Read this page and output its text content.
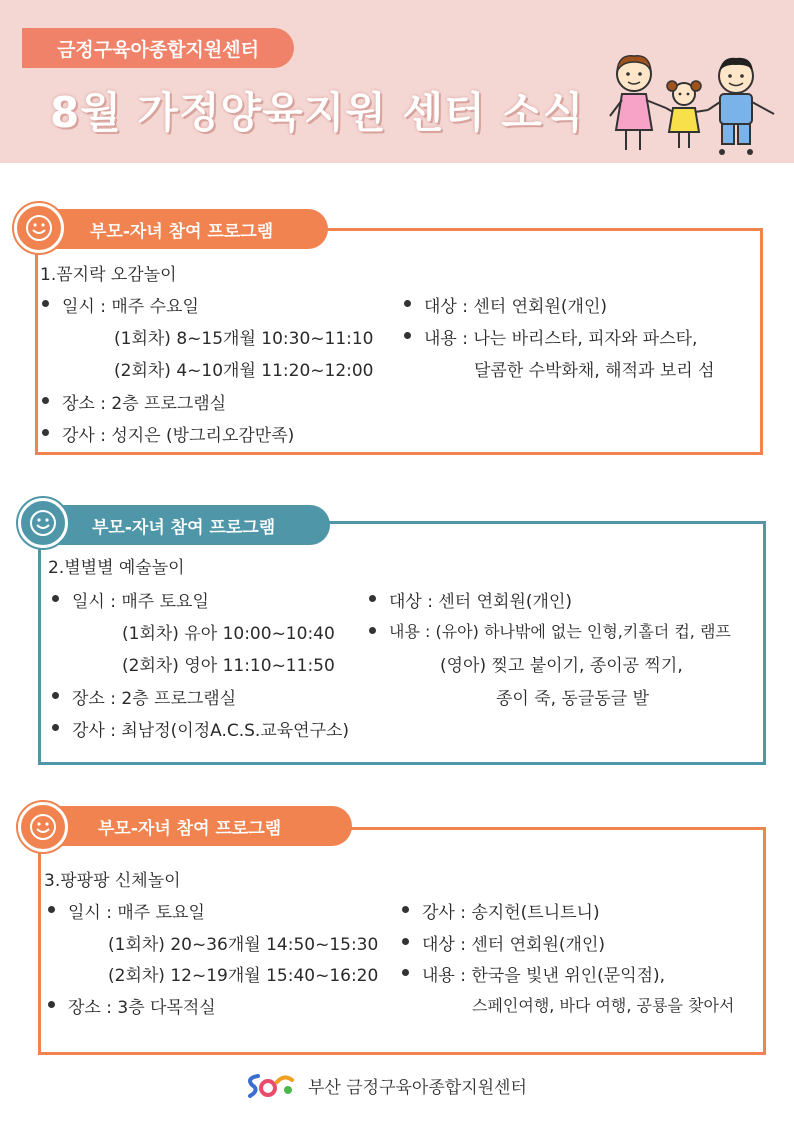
금정구육아종합지원센터
8월 가정양육지원 센터 소식
부모-자녀 참여 프로그램
1.꼼지락 오감놀이
일시 : 매주 수요일
(1회차) 8~15개월 10:30~11:10
(2회차) 4~10개월 11:20~12:00
장소 : 2층 프로그램실
강사 : 성지은 (방그리오감만족)
대상 : 센터 연회원(개인)
내용 : 나는 바리스타, 피자와 파스타,
달콤한 수박화채, 해적과 보리 섬
부모-자녀 참여 프로그램
2.별별별 예술놀이
일시 : 매주 토요일
(1회차) 유아 10:00~10:40
(2회차) 영아 11:10~11:50
장소 : 2층 프로그램실
강사 : 최남정(이정A.C.S.교육연구소)
대상 : 센터 연회원(개인)
내용 : (유아) 하나밖에 없는 인형,키홀더 컵, 램프
(영아) 찢고 붙이기, 종이공 찍기,
종이 죽, 동글동글 발
부모-자녀 참여 프로그램
3.팡팡팡 신체놀이
일시 : 매주 토요일
(1회차) 20~36개월 14:50~15:30
(2회차) 12~19개월 15:40~16:20
장소 : 3층 다목적실
강사 : 송지헌(트니트니)
대상 : 센터 연회원(개인)
내용 : 한국을 빛낸 위인(문익점),
스페인여행, 바다 여행, 공룡을 찾아서
부산 금정구육아종합지원센터
